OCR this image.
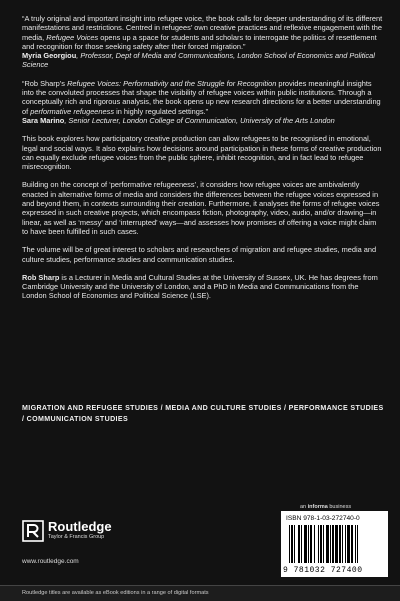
“A truly original and important insight into refugee voice, the book calls for deeper understanding of its different manifestations and restrictions. Centred in refugees’ own creative practices and reflexive engagement with the media, Refugee Voices opens up a space for students and scholars to interrogate the politics of resettlement and recognition for those seeking safety after their forced migration.”

Myria Georgiou, Professor, Dept of Media and Communications, London School of Economics and Political Science

“Rob Sharp’s Refugee Voices: Performativity and the Struggle for Recognition provides meaningful insights into the convoluted processes that shape the visibility of refugee voices within public institutions. Through a conceptually rich and rigorous analysis, the book opens up new research directions for a better understanding of performative refugeeness in highly regulated settings.”

Sara Marino, Senior Lecturer, London College of Communication, University of the Arts London

This book explores how participatory creative production can allow refugees to be recognised in emotional, legal and social ways. It also explains how decisions around participation in these forms of creative production can equally exclude refugee voices from the public sphere, inhibit recognition, and in fact lead to refugee misrecognition.

Building on the concept of ‘performative refugeeness’, it considers how refugee voices are ambivalently enacted in alternative forms of media and considers the differences between the refugee voices expressed in and beyond them, in contexts surrounding their creation. Furthermore, it analyses the forms of refugee voices expressed in such creative projects, which encompass fiction, photography, video, audio, and/or drawing—in linear, as well as ‘messy’ and ‘interrupted’ ways—and assesses how promises of offering a voice might claim to have been fulfilled in such cases.

The volume will be of great interest to scholars and researchers of migration and refugee studies, media and culture studies, performance studies and communication studies.

Rob Sharp is a Lecturer in Media and Cultural Studies at the University of Sussex, UK. He has degrees from Cambridge University and the University of London, and a PhD in Media and Communications from the London School of Economics and Political Science (LSE).

MIGRATION AND REFUGEE STUDIES / MEDIA AND CULTURE STUDIES / PERFORMANCE STUDIES / COMMUNICATION STUDIES
an informa business
Routledge
Taylor & Francis Group
www.routledge.com
ISBN 978-1-03-272740-0
9 781032 727400
Routledge titles are available as eBook editions in a range of digital formats
